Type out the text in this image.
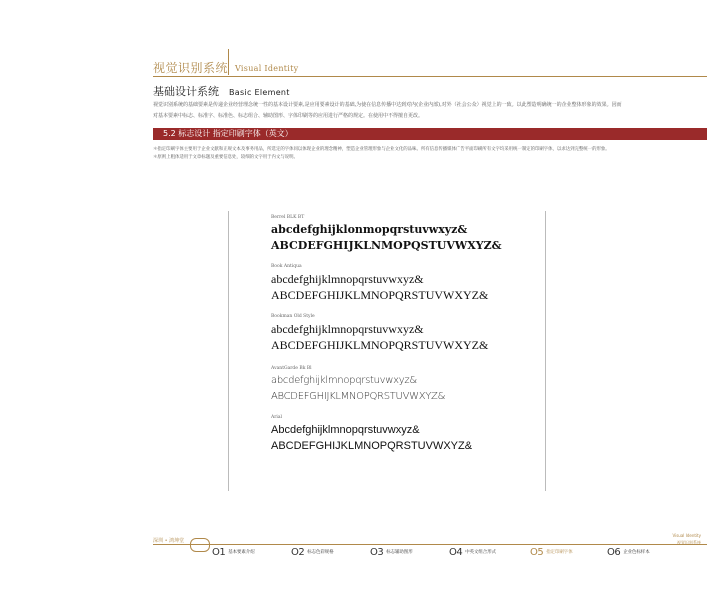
视觉识别系统 Visual Identity
基础设计系统 Basic Element
视觉识别系统的基础要素是传递企业经营理念统一性的基本设计要素,是应用要素设计的基础,为使在信息传播中达到对内(企业内部),对外（社会公众）视觉上的一致。以此塑造明确统一的企业整体形象的效果。因而对基本要素中标志、标准字、标准色、标志组合、辅助图形、字体印刷等的应用进行严格的规定。在使用中不得擅自更改。
5.2 标志设计 指定印刷字体（英文）
＊指定印刷字体主要用于企业文献和正规文本及事务用品，所选定的字体同以体现企业的理念精神，塑造企业管理形象与企业文化的品味。所有信息传播媒体广告平面印刷所有文字均采用统一制定的印刷字体，以求达到完整统一的形象。
＊原则上粗体适用于文章标题及重要信息处，较细的文字用于内文与说明。
Berrel BLK BT
abcdefghijklonmopqrstuvwxyz&
ABCDEFGHIJKLNMOPQSTUVWXYZ&
Book Antiqua
abcdefghijklmnopqrstuvwxyz&
ABCDEFGHIJKLMNOPQRSTUVWXYZ&
Bookman Old Style
abcdefghijklmnopqrstuvwxyz&
ABCDEFGHIJKLMNOPQRSTUVWXYZ&
AvantGarde Bk Bl
abcdefghijklmnopqrstuvwxyz&
ABCDEFGHIJKLMNOPQRSTUVWXYZ&
Arial
Abcdefghijklmnopqrstuvwxyz&
ABCDEFGHIJKLMNOPQRSTUVWXYZ&
深圳 • 鸿坤堂
Visual Identity
视觉识别系统
O1 基本要素介绍	O2 标志色彩规格	O3 标志辅助图形	O4 中英文组合形式	O5 指定印刷字体	O6 企业色标样本
